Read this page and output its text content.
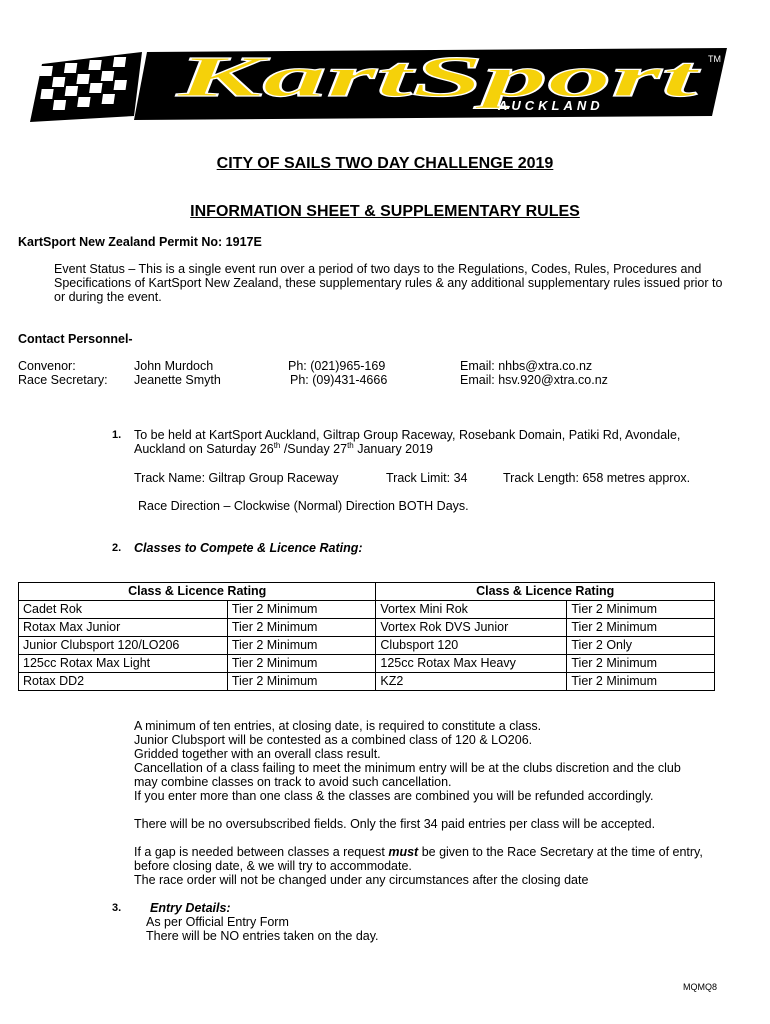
KartSport TM
AUCKLAND
CITY OF SAILS TWO DAY CHALLENGE 2019
INFORMATION SHEET & SUPPLEMENTARY RULES
KartSport New Zealand Permit No: 1917E
Event Status – This is a single event run over a period of two days to the Regulations, Codes, Rules, Procedures and
Specifications of KartSport New Zealand, these supplementary rules & any additional supplementary rules issued prior to
or during the event.
Contact Personnel-
Convenor:	John Murdoch	Ph: (021)965-169	Email: nhbs@xtra.co.nz
Race Secretary: Jeanette Smyth	Ph: (09)431-4666	Email: hsv.920@xtra.co.nz
1. To be held at KartSport Auckland, Giltrap Group Raceway, Rosebank Domain, Patiki Rd, Avondale,
Auckland on Saturday 26th /Sunday 27th January 2019
Track Name: Giltrap Group Raceway	Track Limit: 34	Track Length: 658 metres approx.
Race Direction – Clockwise (Normal) Direction BOTH Days.
2. Classes to Compete & Licence Rating:
Class & Licence Rating		Class & Licence Rating	
Cadet Rok	Tier 2 Minimum	Vortex Mini Rok	Tier 2 Minimum
Rotax Max Junior	Tier 2 Minimum	Vortex Rok DVS Junior	Tier 2 Minimum
Junior Clubsport 120/LO206	Tier 2 Minimum	Clubsport 120	Tier 2 Only
125cc Rotax Max Light	Tier 2 Minimum	125cc Rotax Max Heavy	Tier 2 Minimum
Rotax DD2	Tier 2 Minimum	KZ2	Tier 2 Minimum
A minimum of ten entries, at closing date, is required to constitute a class.
Junior Clubsport will be contested as a combined class of 120 & LO206.
Gridded together with an overall class result.
Cancellation of a class failing to meet the minimum entry will be at the clubs discretion and the club
may combine classes on track to avoid such cancellation.
If you enter more than one class & the classes are combined you will be refunded accordingly.
There will be no oversubscribed fields. Only the first 34 paid entries per class will be accepted.
If a gap is needed between classes a request must be given to the Race Secretary at the time of entry,
before closing date, & we will try to accommodate.
The race order will not be changed under any circumstances after the closing date
3. Entry Details:
As per Official Entry Form
There will be NO entries taken on the day.
MQMQ8
